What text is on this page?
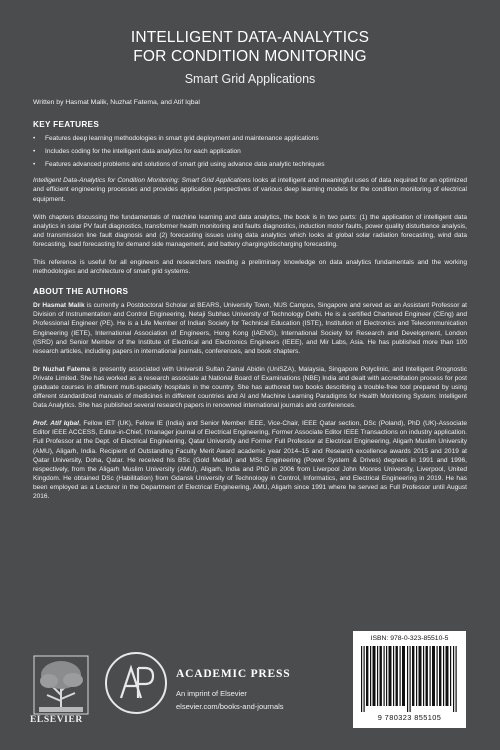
INTELLIGENT DATA-ANALYTICS
FOR CONDITION MONITORING
Smart Grid Applications

Written by Hasmat Malik, Nuzhat Fatema, and Atif Iqbal

KEY FEATURES
• Features deep learning methodologies in smart grid deployment and maintenance applications
• Includes coding for the intelligent data analytics for each application
• Features advanced problems and solutions of smart grid using advance data analytic techniques

Intelligent Data-Analytics for Condition Monitoring: Smart Grid Applications looks at intelligent and meaningful uses of data required for an optimized and efficient engineering processes and provides application perspectives of various deep learning models for the condition monitoring of electrical equipment.

With chapters discussing the fundamentals of machine learning and data analytics, the book is in two parts: (1) the application of intelligent data analytics in solar PV fault diagnostics, transformer health monitoring and faults diagnostics, induction motor faults, power quality disturbance analysis, and transmission line fault diagnosis and (2) forecasting issues using data analytics which looks at global solar radiation forecasting, wind data forecasting, load forecasting for demand side management, and battery charging/discharging forecasting.

This reference is useful for all engineers and researchers needing a preliminary knowledge on data analytics fundamentals and the working methodologies and architecture of smart grid systems.

ABOUT THE AUTHORS

Dr Hasmat Malik is currently a Postdoctoral Scholar at BEARS, University Town, NUS Campus, Singapore and served as an Assistant Professor at Division of Instrumentation and Control Engineering, Netaji Subhas University of Technology Delhi. He is a certified Chartered Engineer (CEng) and Professional Engineer (PE). He is a Life Member of Indian Society for Technical Education (ISTE), Institution of Electronics and Telecommunication Engineering (IETE), International Association of Engineers, Hong Kong (IAENG), International Society for Research and Development, London (ISRD) and Senior Member of the Institute of Electrical and Electronics Engineers (IEEE), and Mir Labs, Asia. He has published more than 100 research articles, including papers in international journals, conferences, and book chapters.

Dr Nuzhat Fatema is presently associated with Universiti Sultan Zainal Abidin (UniSZA), Malaysia, Singapore Polyclinic, and Intelligent Prognostic Private Limited. She has worked as a research associate at National Board of Examinations (NBE) India and dealt with accreditation process for post graduate courses in different multi-specialty hospitals in the country. She has authored two books describing a trouble-free tool prepared by using different standardized manuals of medicines in different countries and AI and Machine Learning Paradigms for Health Monitoring System: Intelligent Data Analytics. She has published several research papers in renowned international journals and conferences.

Prof. Atif Iqbal, Fellow IET (UK), Fellow IE (India) and Senior Member IEEE, Vice-Chair, IEEE Qatar section, DSc (Poland), PhD (UK)-Associate Editor IEEE ACCESS, Editor-in-Chief, I'manager journal of Electrical Engineering, Former Associate Editor IEEE Transactions on industry application. Full Professor at the Dept. of Electrical Engineering, Qatar University and Former Full Professor at Electrical Engineering, Aligarh Muslim University (AMU), Aligarh, India. Recipient of Outstanding Faculty Merit Award academic year 2014–15 and Research excellence awards 2015 and 2019 at Qatar University, Doha, Qatar. He received his BSc (Gold Medal) and MSc Engineering (Power System & Drives) degrees in 1991 and 1996, respectively, from the Aligarh Muslim University (AMU), Aligarh, India and PhD in 2006 from Liverpool John Moores University, Liverpool, United Kingdom. He obtained DSc (Habilitation) from Gdansk University of Technology in Control, Informatics, and Electrical Engineering in 2019. He has been employed as a Lecturer in the Department of Electrical Engineering, AMU, Aligarh since 1991 where he served as Full Professor until August 2016.

ELSEVIER
ACADEMIC PRESS
An imprint of Elsevier
elsevier.com/books-and-journals
ISBN: 978-0-323-85510-5
9 780323 855105
